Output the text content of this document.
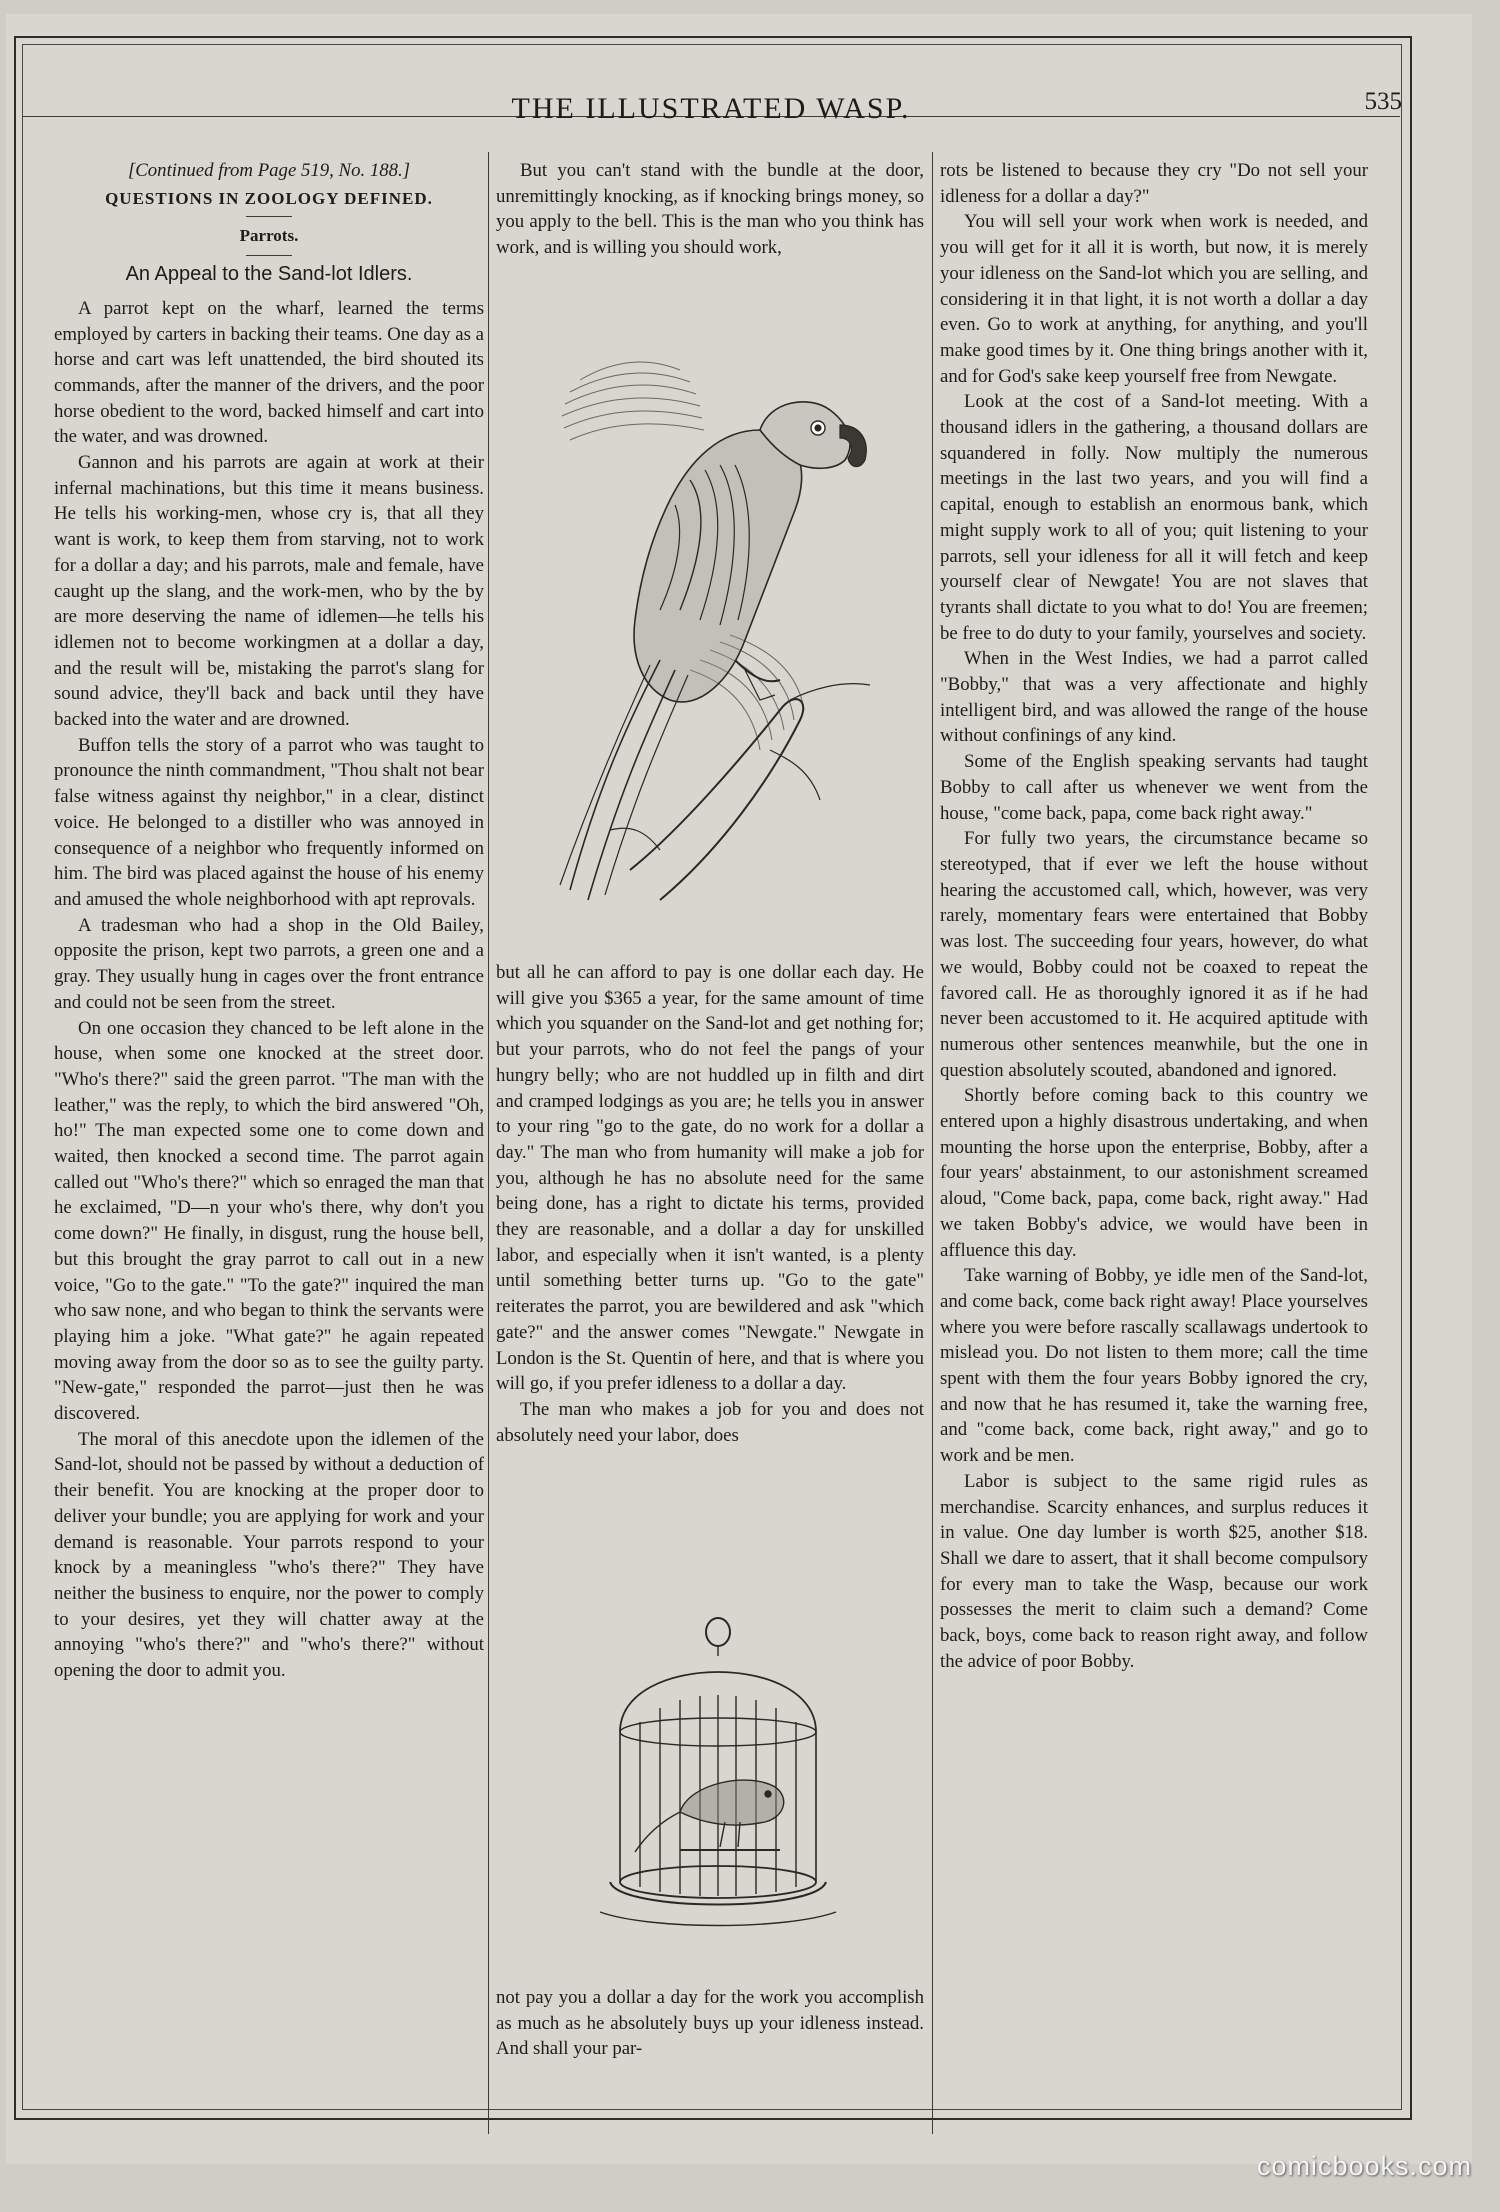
THE ILLUSTRATED WASP.	535
[Continued from Page 519, No. 188.]
QUESTIONS IN ZOOLOGY DEFINED.
Parrots.
An Appeal to the Sand-lot Idlers.

A parrot kept on the wharf, learned the terms employed by carters in backing their teams. One day as a horse and cart was left unattended, the bird shouted its commands, after the manner of the drivers, and the poor horse obedient to the word, backed himself and cart into the water, and was drowned.

Gannon and his parrots are again at work at their infernal machinations, but this time it means business. He tells his working-men, whose cry is, that all they want is work, to keep them from starving, not to work for a dollar a day; and his parrots, male and female, have caught up the slang, and the work-men, who by the by are more deserving the name of idlemen—he tells his idlemen not to become workingmen at a dollar a day, and the result will be, mistaking the parrot's slang for sound advice, they'll back and back until they have backed into the water and are drowned.

Buffon tells the story of a parrot who was taught to pronounce the ninth commandment, "Thou shalt not bear false witness against thy neighbor," in a clear, distinct voice. He belonged to a distiller who was annoyed in consequence of a neighbor who frequently informed on him. The bird was placed against the house of his enemy and amused the whole neighborhood with apt reprovals.

A tradesman who had a shop in the Old Bailey, opposite the prison, kept two parrots, a green one and a gray. They usually hung in cages over the front entrance and could not be seen from the street.

On one occasion they chanced to be left alone in the house, when some one knocked at the street door. "Who's there?" said the green parrot. "The man with the leather," was the reply, to which the bird answered "Oh, ho!" The man expected some one to come down and waited, then knocked a second time. The parrot again called out "Who's there?" which so enraged the man that he exclaimed, "D—n your who's there, why don't you come down?" He finally, in disgust, rung the house bell, but this brought the gray parrot to call out in a new voice, "Go to the gate." "To the gate?" inquired the man who saw none, and who began to think the servants were playing him a joke. "What gate?" he again repeated moving away from the door so as to see the guilty party. "New-gate," responded the parrot—just then he was discovered.

The moral of this anecdote upon the idlemen of the Sand-lot, should not be passed by without a deduction of their benefit. You are knocking at the proper door to deliver your bundle; you are applying for work and your demand is reasonable. Your parrots respond to your knock by a meaningless "who's there?" They have neither the business to enquire, nor the power to comply to your desires, yet they will chatter away at the annoying "who's there?" and "who's there?" without opening the door to admit you.

But you can't stand with the bundle at the door, unremittingly knocking, as if knocking brings money, so you apply to the bell. This is the man who you think has work, and is willing you should work,

but all he can afford to pay is one dollar each day. He will give you $365 a year, for the same amount of time which you squander on the Sand-lot and get nothing for; but your parrots, who do not feel the pangs of your hungry belly; who are not huddled up in filth and dirt and cramped lodgings as you are; he tells you in answer to your ring "go to the gate, do no work for a dollar a day." The man who from humanity will make a job for you, although he has no absolute need for the same being done, has a right to dictate his terms, provided they are reasonable, and a dollar a day for unskilled labor, and especially when it isn't wanted, is a plenty until something better turns up. "Go to the gate" reiterates the parrot, you are bewildered and ask "which gate?" and the answer comes "Newgate." Newgate in London is the St. Quentin of here, and that is where you will go, if you prefer idleness to a dollar a day.

The man who makes a job for you and does not absolutely need your labor, does

not pay you a dollar a day for the work you accomplish as much as he absolutely buys up your idleness instead. And shall your par-

rots be listened to because they cry "Do not sell your idleness for a dollar a day?"

You will sell your work when work is needed, and you will get for it all it is worth, but now, it is merely your idleness on the Sand-lot which you are selling, and considering it in that light, it is not worth a dollar a day even. Go to work at anything, for anything, and you'll make good times by it. One thing brings another with it, and for God's sake keep yourself free from Newgate.

Look at the cost of a Sand-lot meeting. With a thousand idlers in the gathering, a thousand dollars are squandered in folly. Now multiply the numerous meetings in the last two years, and you will find a capital, enough to establish an enormous bank, which might supply work to all of you; quit listening to your parrots, sell your idleness for all it will fetch and keep yourself clear of Newgate! You are not slaves that tyrants shall dictate to you what to do! You are freemen; be free to do duty to your family, yourselves and society.

When in the West Indies, we had a parrot called "Bobby," that was a very affectionate and highly intelligent bird, and was allowed the range of the house without confinings of any kind.

Some of the English speaking servants had taught Bobby to call after us whenever we went from the house, "come back, papa, come back right away."

For fully two years, the circumstance became so stereotyped, that if ever we left the house without hearing the accustomed call, which, however, was very rarely, momentary fears were entertained that Bobby was lost. The succeeding four years, however, do what we would, Bobby could not be coaxed to repeat the favored call. He as thoroughly ignored it as if he had never been accustomed to it. He acquired aptitude with numerous other sentences meanwhile, but the one in question absolutely scouted, abandoned and ignored.

Shortly before coming back to this country we entered upon a highly disastrous undertaking, and when mounting the horse upon the enterprise, Bobby, after a four years' abstainment, to our astonishment screamed aloud, "Come back, papa, come back, right away." Had we taken Bobby's advice, we would have been in affluence this day.

Take warning of Bobby, ye idle men of the Sand-lot, and come back, come back right away! Place yourselves where you were before rascally scallawags undertook to mislead you. Do not listen to them more; call the time spent with them the four years Bobby ignored the cry, and now that he has resumed it, take the warning free, and "come back, come back, right away," and go to work and be men.

Labor is subject to the same rigid rules as merchandise. Scarcity enhances, and surplus reduces it in value. One day lumber is worth $25, another $18. Shall we dare to assert, that it shall become compulsory for every man to take the Wasp, because our work possesses the merit to claim such a demand? Come back, boys, come back to reason right away, and follow the advice of poor Bobby.

comicbooks.com
